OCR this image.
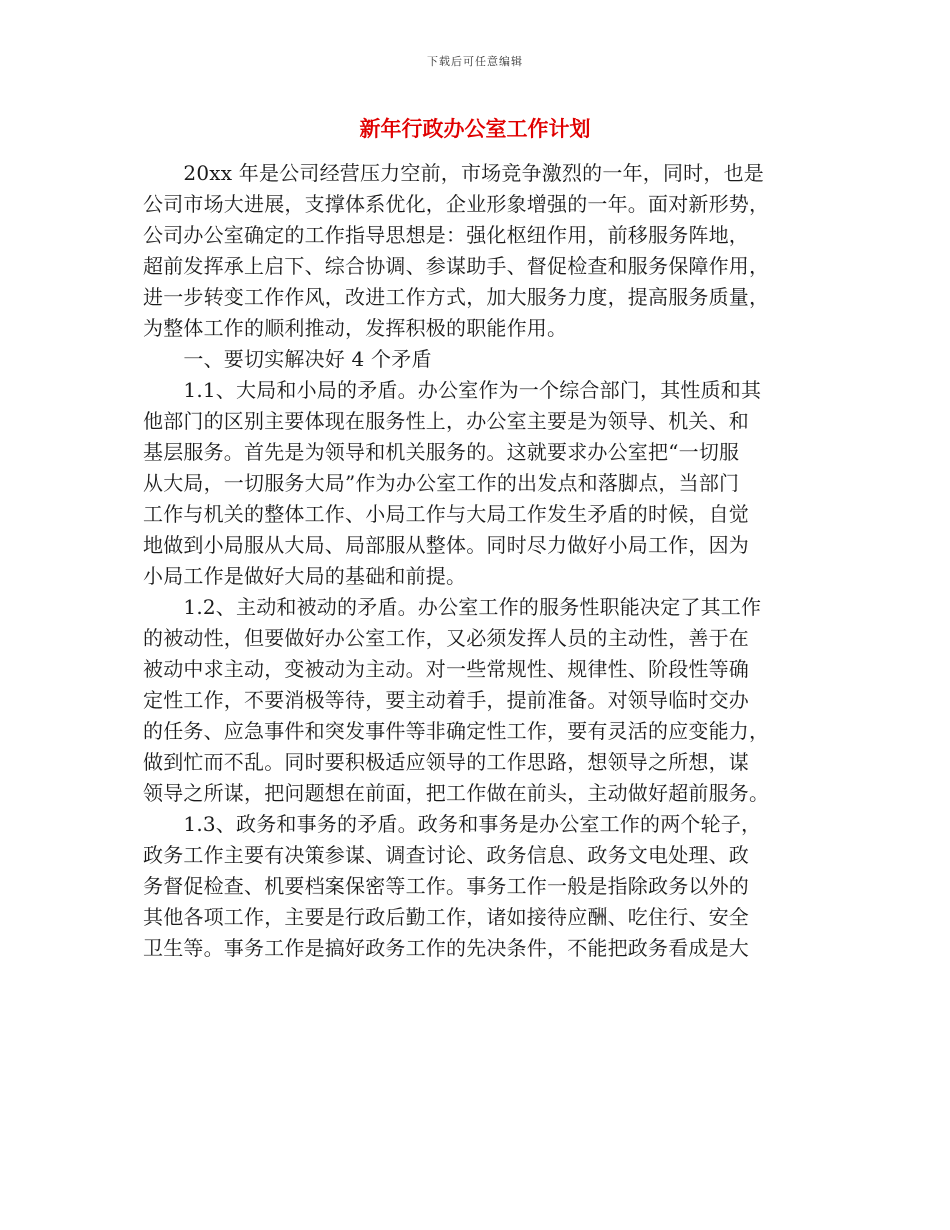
下载后可任意编辑
新年行政办公室工作计划
　　20xx 年是公司经营压力空前，市场竞争激烈的一年，同时，也是
公司市场大进展，支撑体系优化，企业形象增强的一年。面对新形势，
公司办公室确定的工作指导思想是：强化枢纽作用，前移服务阵地，
超前发挥承上启下、综合协调、参谋助手、督促检查和服务保障作用，
进一步转变工作作风，改进工作方式，加大服务力度，提高服务质量，
为整体工作的顺利推动，发挥积极的职能作用。
　　一、要切实解决好 4 个矛盾
　　1.1、大局和小局的矛盾。办公室作为一个综合部门，其性质和其
他部门的区别主要体现在服务性上，办公室主要是为领导、机关、和
基层服务。首先是为领导和机关服务的。这就要求办公室把“一切服
从大局，一切服务大局”作为办公室工作的出发点和落脚点，当部门
工作与机关的整体工作、小局工作与大局工作发生矛盾的时候，自觉
地做到小局服从大局、局部服从整体。同时尽力做好小局工作，因为
小局工作是做好大局的基础和前提。
　　1.2、主动和被动的矛盾。办公室工作的服务性职能决定了其工作
的被动性，但要做好办公室工作，又必须发挥人员的主动性，善于在
被动中求主动，变被动为主动。对一些常规性、规律性、阶段性等确
定性工作，不要消极等待，要主动着手，提前准备。对领导临时交办
的任务、应急事件和突发事件等非确定性工作，要有灵活的应变能力，
做到忙而不乱。同时要积极适应领导的工作思路，想领导之所想，谋
领导之所谋，把问题想在前面，把工作做在前头，主动做好超前服务。
　　1.3、政务和事务的矛盾。政务和事务是办公室工作的两个轮子，
政务工作主要有决策参谋、调查讨论、政务信息、政务文电处理、政
务督促检查、机要档案保密等工作。事务工作一般是指除政务以外的
其他各项工作，主要是行政后勤工作，诸如接待应酬、吃住行、安全
卫生等。事务工作是搞好政务工作的先决条件，不能把政务看成是大
